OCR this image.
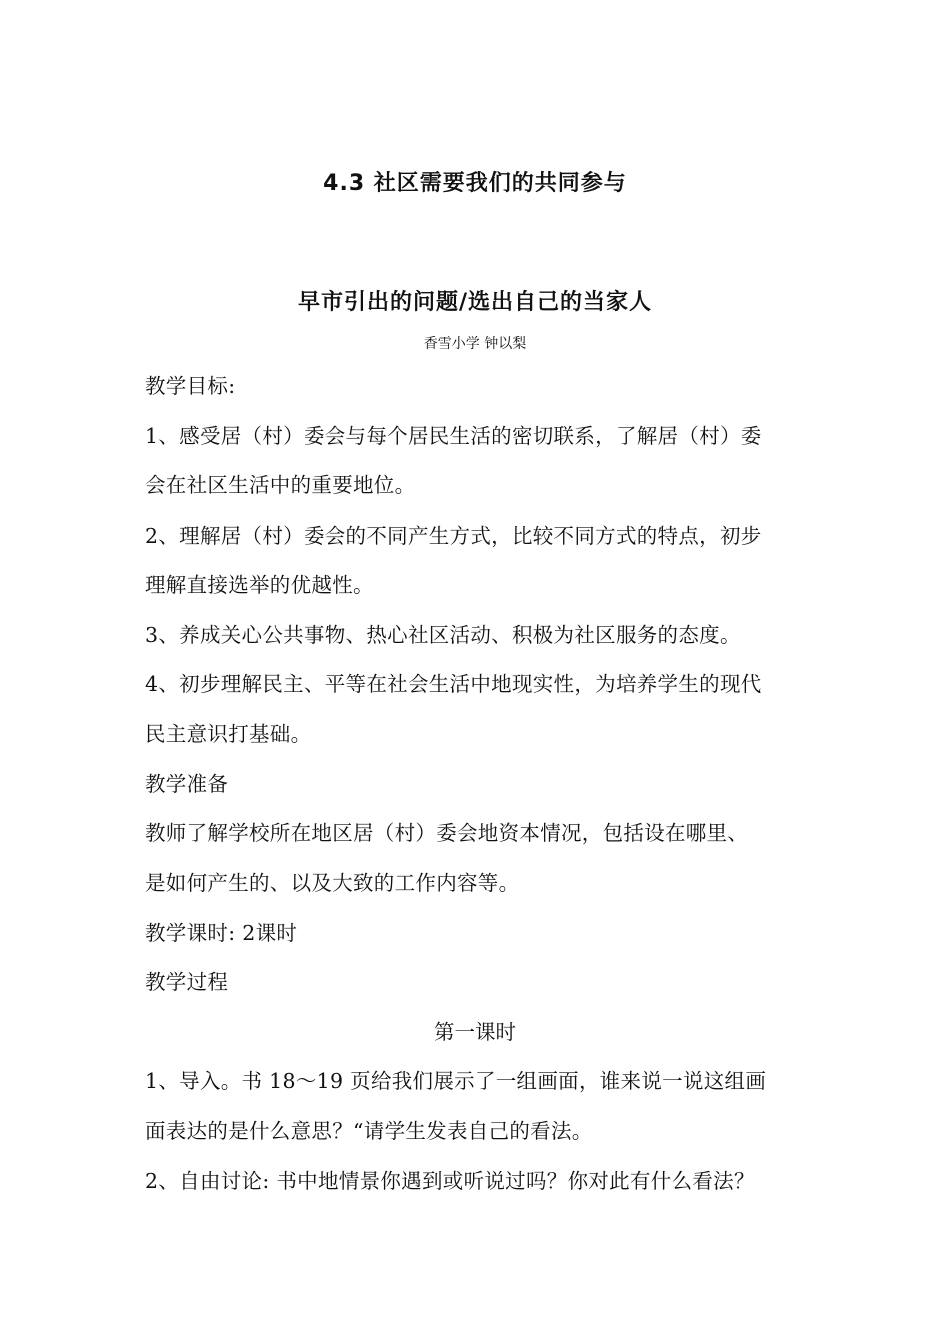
4.3 社区需要我们的共同参与
早市引出的问题/选出自己的当家人
香雪小学 钟以梨
教学目标:
1、感受居（村）委会与每个居民生活的密切联系，了解居（村）委
会在社区生活中的重要地位。
2、理解居（村）委会的不同产生方式，比较不同方式的特点，初步
理解直接选举的优越性。
3、养成关心公共事物、热心社区活动、积极为社区服务的态度。
4、初步理解民主、平等在社会生活中地现实性，为培养学生的现代
民主意识打基础。
教学准备
教师了解学校所在地区居（村）委会地资本情况，包括设在哪里、
是如何产生的、以及大致的工作内容等。
教学课时: 2课时
教学过程
第一课时
1、导入。书 18～19 页给我们展示了一组画面，谁来说一说这组画
面表达的是什么意思？“请学生发表自己的看法。
2、自由讨论: 书中地情景你遇到或听说过吗？你对此有什么看法？
